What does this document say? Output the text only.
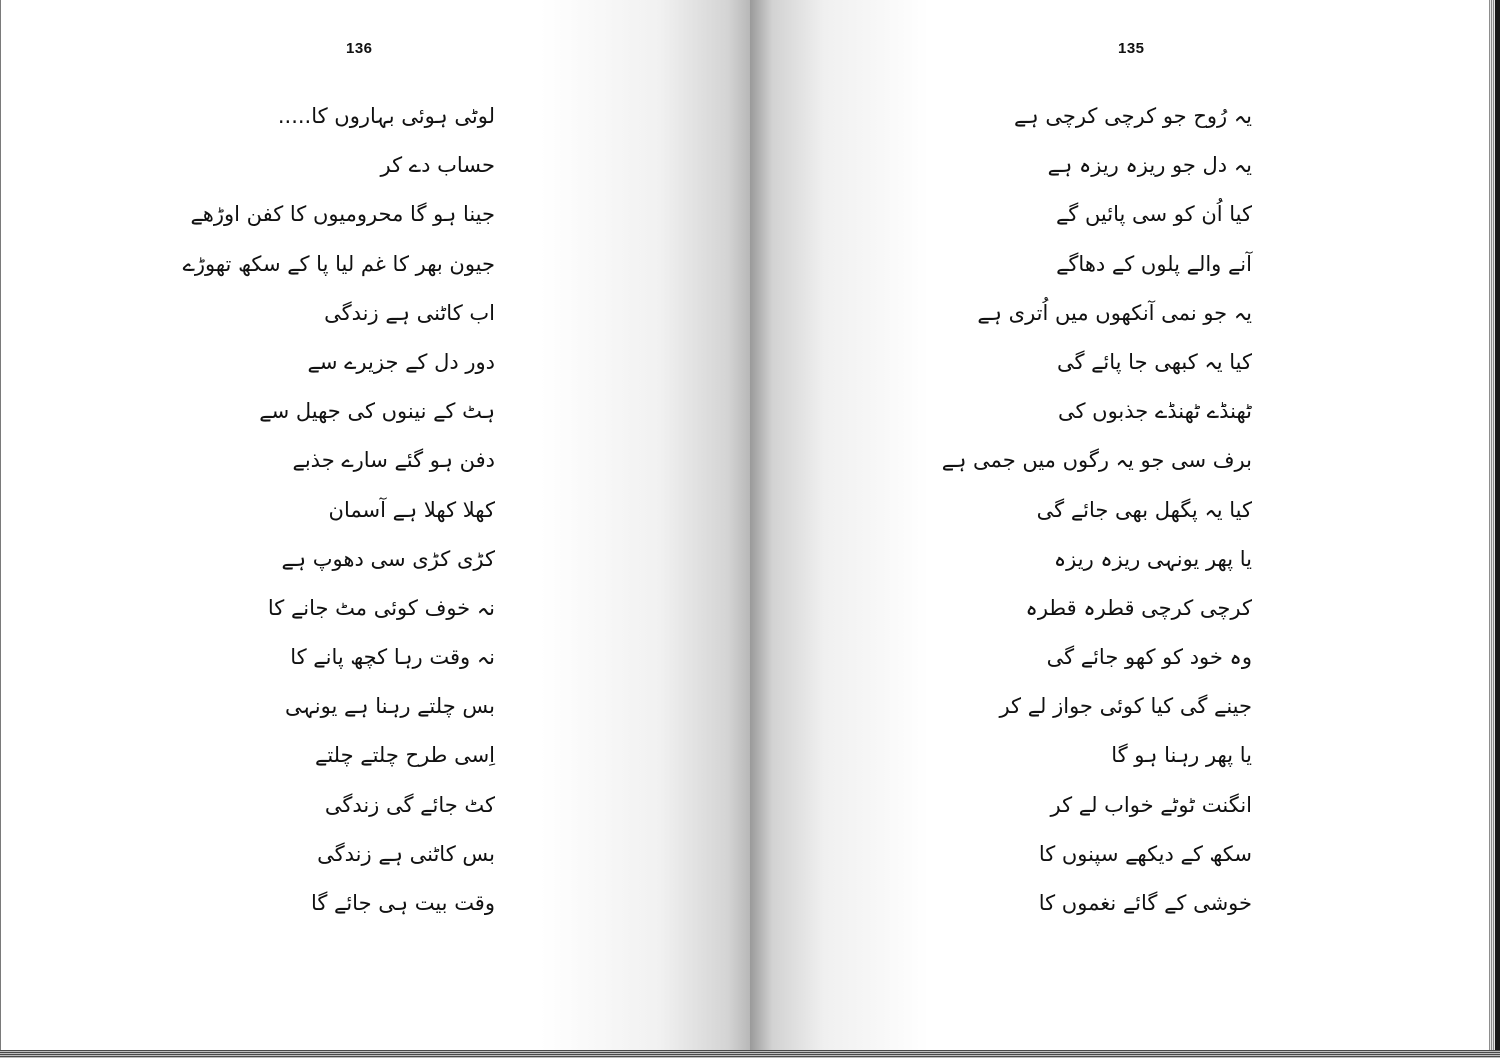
136
لوٹی ہوئی بہاروں کا.....
حساب دے کر
جینا ہو گا محرومیوں کا کفن اوڑھے
جیون بھر کا غم لیا پا کے سکھ تھوڑے
اب کاٹنی ہے زندگی
دور دل کے جزیرے سے
ہٹ کے نینوں کی جھیل سے
دفن ہو گئے سارے جذبے
کھلا کھلا ہے آسمان
کڑی کڑی سی دھوپ ہے
نہ خوف کوئی مٹ جانے کا
نہ وقت رہا کچھ پانے کا
بس چلتے رہنا ہے یونہی
اِسی طرح چلتے چلتے
کٹ جائے گی زندگی
بس کاٹنی ہے زندگی
وقت بیت ہی جائے گا
135
یہ رُوح جو کرچی کرچی ہے
یہ دل جو ریزہ ریزہ ہے
کیا اُن کو سی پائیں گے
آنے والے پلوں کے دھاگے
یہ جو نمی آنکھوں میں اُتری ہے
کیا یہ کبھی جا پائے گی
ٹھنڈے ٹھنڈے جذبوں کی
برف سی جو یہ رگوں میں جمی ہے
کیا یہ پگھل بھی جائے گی
یا پھر یونہی ریزہ ریزہ
کرچی کرچی قطرہ قطرہ
وہ خود کو کھو جائے گی
جینے گی کیا کوئی جواز لے کر
یا پھر رہنا ہو گا
انگنت ٹوٹے خواب لے کر
سکھ کے دیکھے سپنوں کا
خوشی کے گائے نغموں کا
